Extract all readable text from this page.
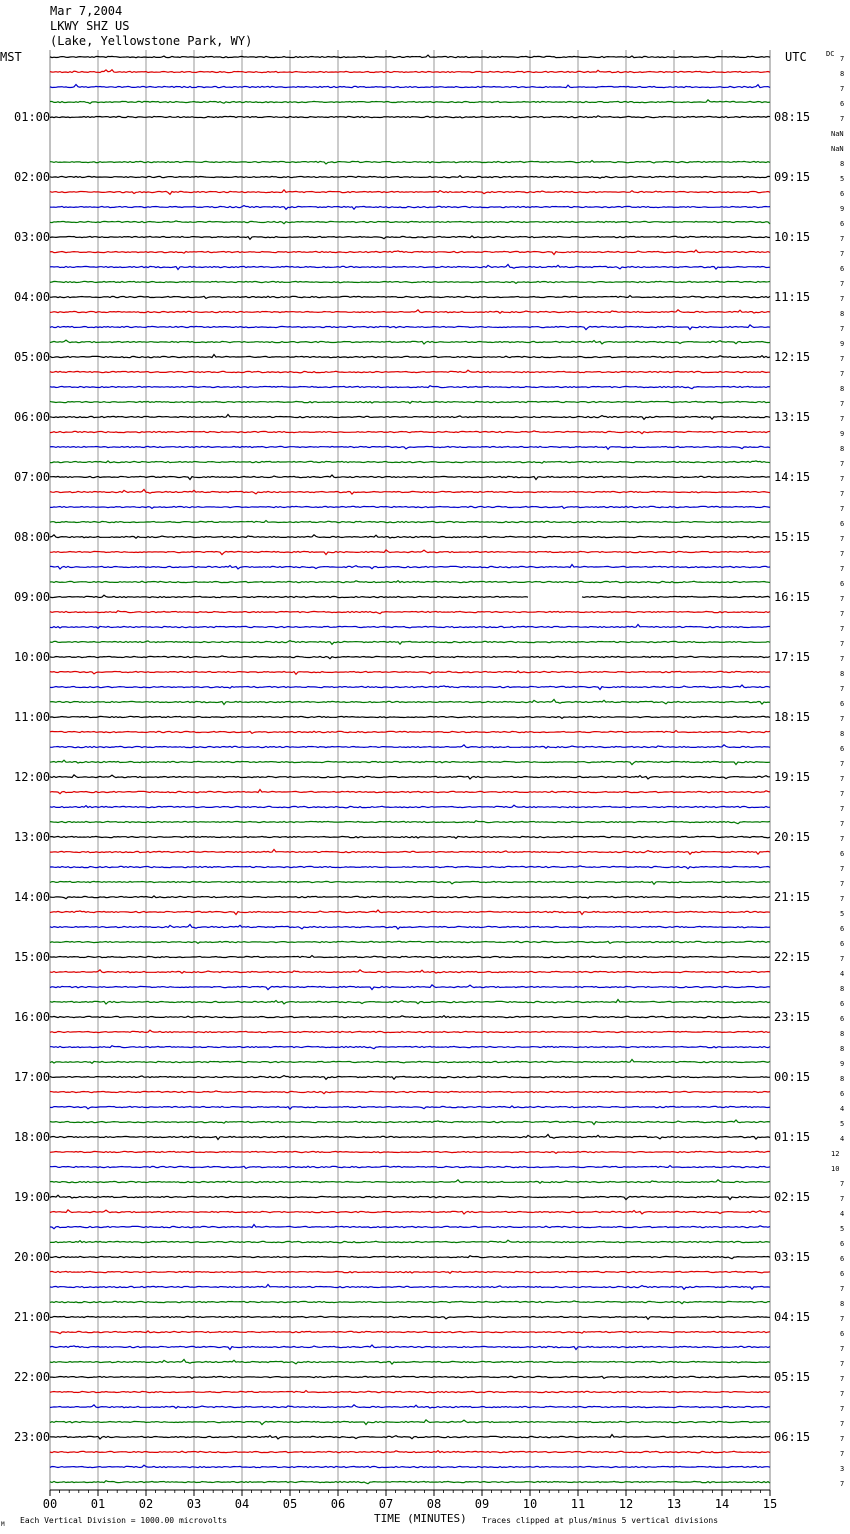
Mar 7,2004
LKWY SHZ US
(Lake, Yellowstone Park, WY)
MST	UTC	DC
01:00
02:00
03:00
04:00
05:00
06:00
07:00
08:00
09:00
10:00
11:00
12:00
13:00
14:00
15:00
16:00
17:00
18:00
19:00
20:00
21:00
22:00
23:00
08:15
09:15
10:15
11:15
12:15
13:15
14:15
15:15
16:15
17:15
18:15
19:15
20:15
21:15
22:15
23:15
00:15
01:15
02:15
03:15
04:15
05:15
06:15
7
8
7
6
7
NaN
NaN
8
5
6
9
6
7
7
6
7
7
8
7
9
7
7
8
7
7
9
8
7
7
7
7
6
7
7
7
6
7
7
7
7
7
8
7
6
7
8
6
7
7
7
7
7
7
6
7
7
7
5
6
6
7
4
8
6
6
8
8
9
8
6
4
5
4
12
10
7
7
4
5
6
6
6
7
8
7
6
7
7
7
7
7
7
7
7
3
7
00	01	02	03	04	05	06	07	08	09	10	11	12	13	14	15
M Each Vertical Division = 1000.00 microvolts	TIME (MINUTES) Traces clipped at plus/minus 5 vertical divisions
